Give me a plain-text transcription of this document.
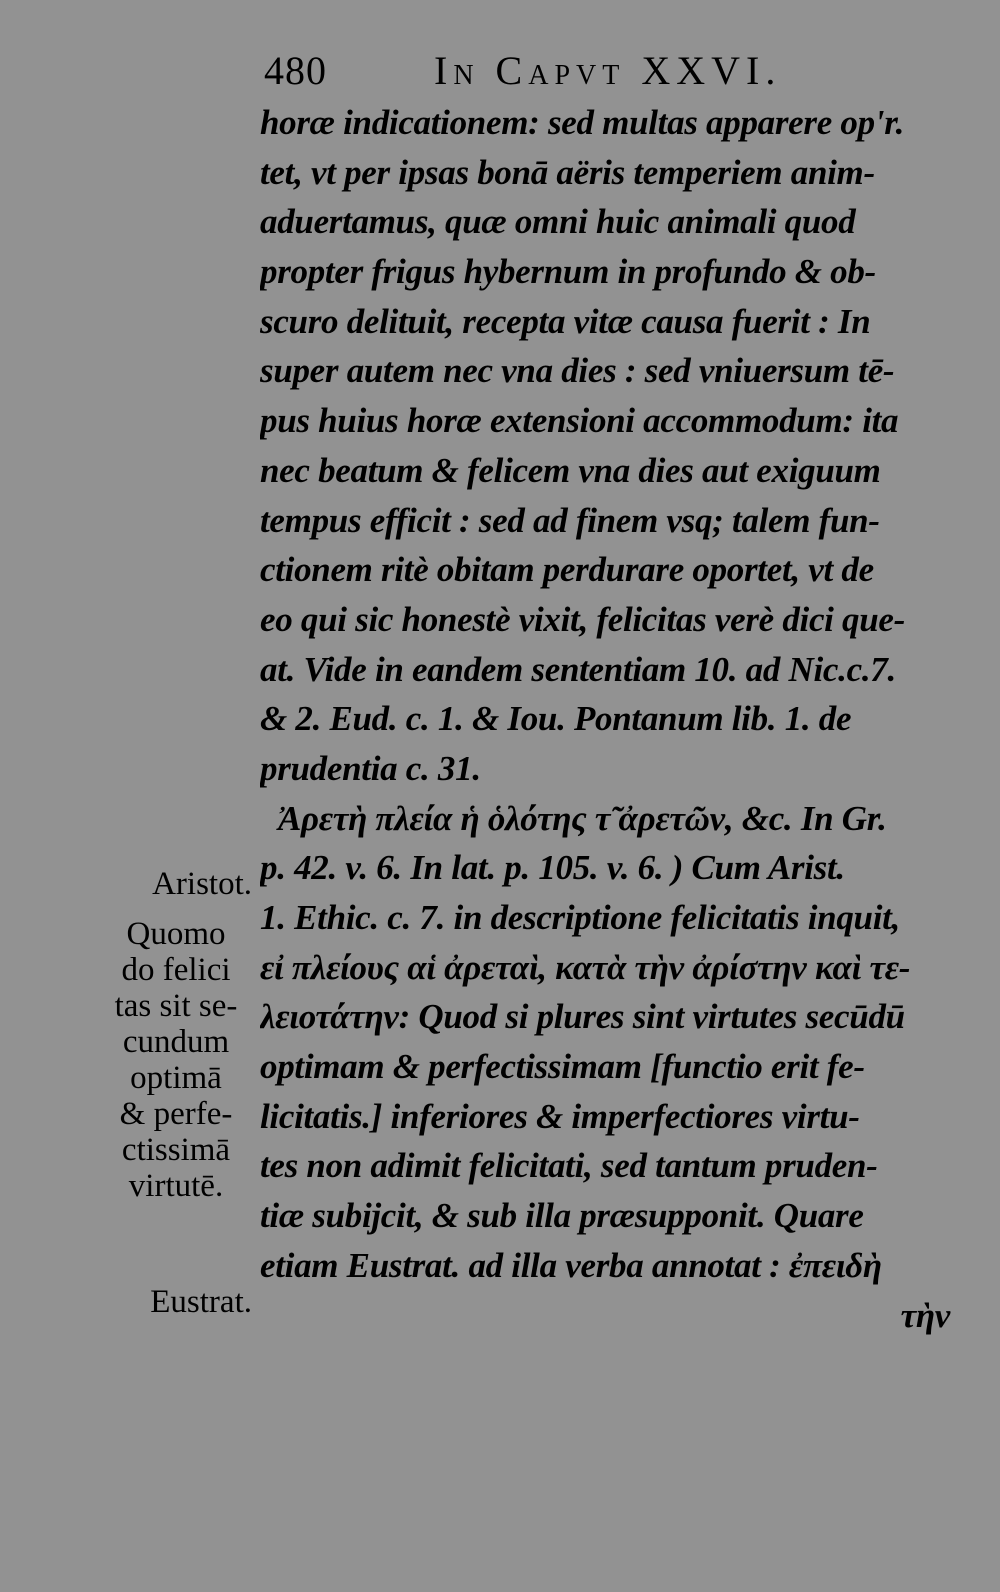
480	In Capvt XXVI.
horæ indicationem: sed multas apparere op'r.
tet, vt per ipsas bonā aëris temperiem anim-
aduertamus, quæ omni huic animali quod
propter frigus hybernum in profundo & ob-
scuro delituit, recepta vitæ causa fuerit : In
super autem nec vna dies : sed vniuersum tē-
pus huius horæ extensioni accommodum: ita
nec beatum & felicem vna dies aut exiguum
tempus efficit : sed ad finem vsq; talem fun-
ctionem ritè obitam perdurare oportet, vt de
eo qui sic honestè vixit, felicitas verè dici que-
at. Vide in eandem sententiam 10. ad Nic.c.7.
& 2. Eud. c. 1. & Iou. Pontanum lib. 1. de
prudentia c. 31.
Ἀρετὴ πλεία ἡ ὁλότης τ̃ ἀρετῶν, &c. In Gr.
p. 42. v. 6. In lat. p. 105. v. 6. ) Cum Arist.
1. Ethic. c. 7. in descriptione felicitatis inquit,
εἰ πλείους αἱ ἀρεταὶ, κατὰ τὴν ἀρίστην καὶ τε-
λειοτάτην: Quod si plures sint virtutes secūdū
optimam & perfectissimam [functio erit fe-
licitatis.] inferiores & imperfectiores virtu-
tes non adimit felicitati, sed tantum pruden-
tiæ subijcit, & sub illa præsupponit. Quare
etiam Eustrat. ad illa verba annotat : ἐπειδὴ
τὴν
Aristot.
Quomo
do felici
tas sit se-
cundum
optimā
& perfe-
ctissimā
virtutē.
Eustrat.
